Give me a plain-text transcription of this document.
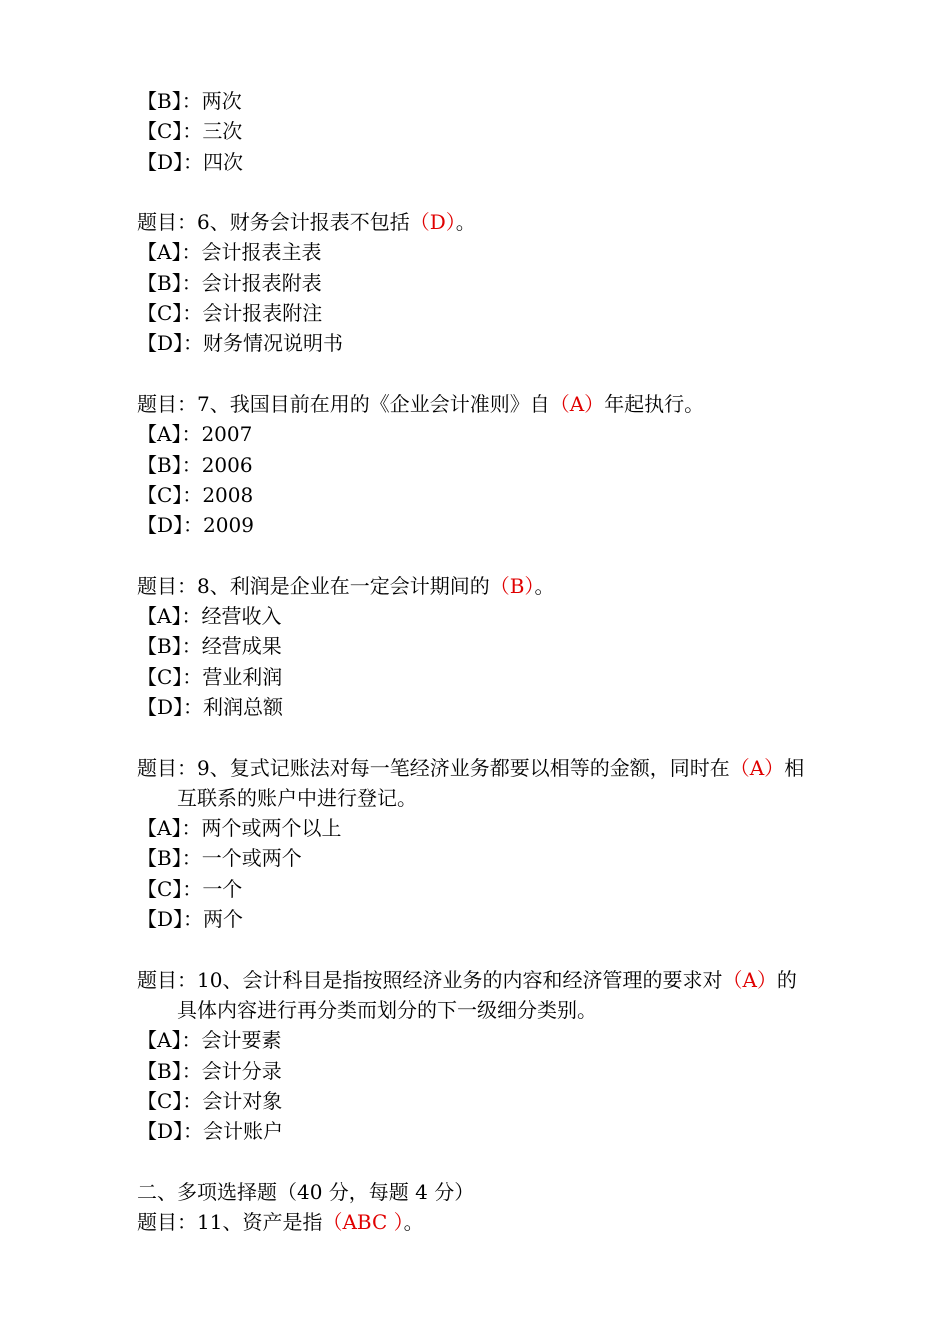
【B】：两次
【C】：三次
【D】：四次
题目：6、财务会计报表不包括（D）。
【A】：会计报表主表
【B】：会计报表附表
【C】：会计报表附注
【D】：财务情况说明书
题目：7、我国目前在用的《企业会计准则》自（A）年起执行。
【A】：2007
【B】：2006
【C】：2008
【D】：2009
题目：8、利润是企业在一定会计期间的（B）。
【A】：经营收入
【B】：经营成果
【C】：营业利润
【D】：利润总额
题目：9、复式记账法对每一笔经济业务都要以相等的金额，同时在（A）相
互联系的账户中进行登记。
【A】：两个或两个以上
【B】：一个或两个
【C】：一个
【D】：两个
题目：10、会计科目是指按照经济业务的内容和经济管理的要求对（A）的
具体内容进行再分类而划分的下一级细分类别。
【A】：会计要素
【B】：会计分录
【C】：会计对象
【D】：会计账户
二、多项选择题（40 分，每题 4 分）
题目：11、资产是指（ABC ）。
